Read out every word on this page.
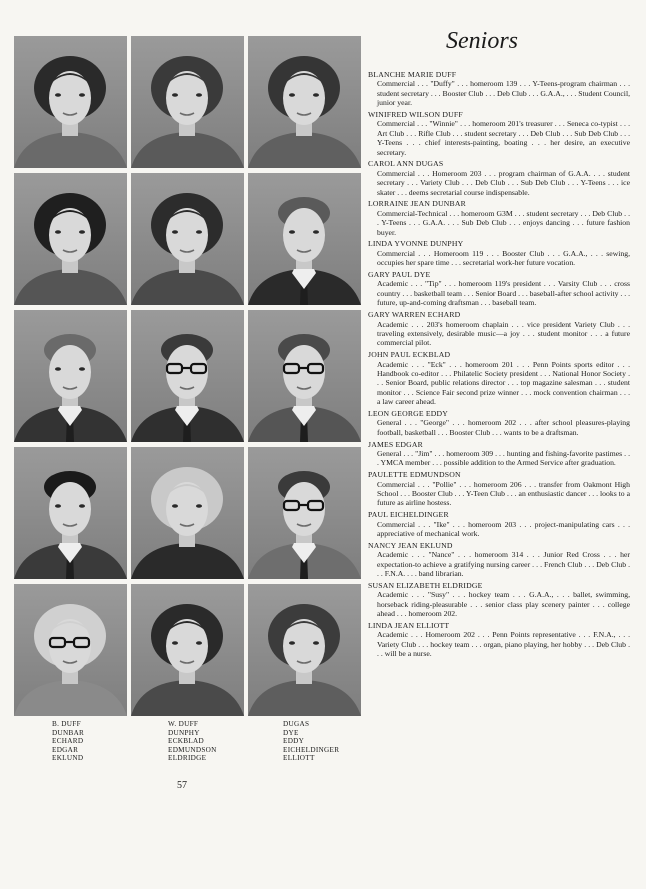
B. DUFF
DUNBAR
ECHARD
EDGAR
EKLUND
W. DUFF
DUNPHY
ECKBLAD
EDMUNDSON
ELDRIDGE
DUGAS
DYE
EDDY
EICHELDINGER
ELLIOTT
57
Seniors
BLANCHE MARIE DUFF
Commercial . . . "Duffy" . . . homeroom 139 . . . Y-Teens-program chairman . . . student secretary . . . Booster Club . . . Deb Club . . . G.A.A., . . . Student Council, junior year.
WINIFRED WILSON DUFF
Commercial . . . "Winnie" . . . homeroom 201's treasurer . . . Seneca co-typist . . . Art Club . . . Rifle Club . . . student secretary . . . Deb Club . . . Sub Deb Club . . . Y-Teens . . . chief interests-painting, boating . . . her desire, an executive secretary.
CAROL ANN DUGAS
Commercial . . . Homeroom 203 . . . program chairman of G.A.A. . . . student secretary . . . Variety Club . . . Deb Club . . . Sub Deb Club . . . Y-Teens . . . ice skater . . . deems secretarial course indispensable.
LORRAINE JEAN DUNBAR
Commercial-Technical . . . homeroom G3M . . . student secretary . . . Deb Club . . . Y-Teens . . . G.A.A. . . . Sub Deb Club . . . enjoys dancing . . . future fashion buyer.
LINDA YVONNE DUNPHY
Commercial . . . Homeroom 119 . . . Booster Club . . . G.A.A., . . . sewing, occupies her spare time . . . secretarial work-her future vocation.
GARY PAUL DYE
Academic . . . "Tip" . . . homeroom 119's president . . . Varsity Club . . . cross country . . . basketball team . . . Senior Board . . . baseball-after school activity . . . future, up-and-coming draftsman . . . baseball team.
GARY WARREN ECHARD
Academic . . . 203's homeroom chaplain . . . vice president Variety Club . . . traveling extensively, desirable music—a joy . . . student monitor . . . a future commercial pilot.
JOHN PAUL ECKBLAD
Academic . . . "Eck" . . . homeroom 201 . . . Penn Points sports editor . . . Handbook co-editor . . . Philatelic Society president . . . National Honor Society . . . Senior Board, public relations director . . . top magazine salesman . . . student monitor . . . Science Fair second prize winner . . . mock convention chairman . . . a law career ahead.
LEON GEORGE EDDY
General . . . "George" . . . homeroom 202 . . . after school pleasures-playing football, basketball . . . Booster Club . . . wants to be a draftsman.
JAMES EDGAR
General . . . "Jim" . . . homeroom 309 . . . hunting and fishing-favorite pastimes . . . YMCA member . . . possible addition to the Armed Service after graduation.
PAULETTE EDMUNDSON
Commercial . . . "Pollie" . . . homeroom 206 . . . transfer from Oakmont High School . . . Booster Club . . . Y-Teen Club . . . an enthusiastic dancer . . . looks to a future as airline hostess.
PAUL EICHELDINGER
Commercial . . . "Ike" . . . homeroom 203 . . . project-manipulating cars . . . appreciative of mechanical work.
NANCY JEAN EKLUND
Academic . . . "Nance" . . . homeroom 314 . . . Junior Red Cross . . . her expectation-to achieve a gratifying nursing career . . . French Club . . . Deb Club . . . F.N.A. . . . band librarian.
SUSAN ELIZABETH ELDRIDGE
Academic . . . "Susy" . . . hockey team . . . G.A.A., . . . ballet, swimming, horseback riding-pleasurable . . . senior class play scenery painter . . . college ahead . . . homeroom 202.
LINDA JEAN ELLIOTT
Academic . . . Homeroom 202 . . . Penn Points representative . . . F.N.A., . . . Variety Club . . . hockey team . . . organ, piano playing, her hobby . . . Deb Club . . . will be a nurse.
